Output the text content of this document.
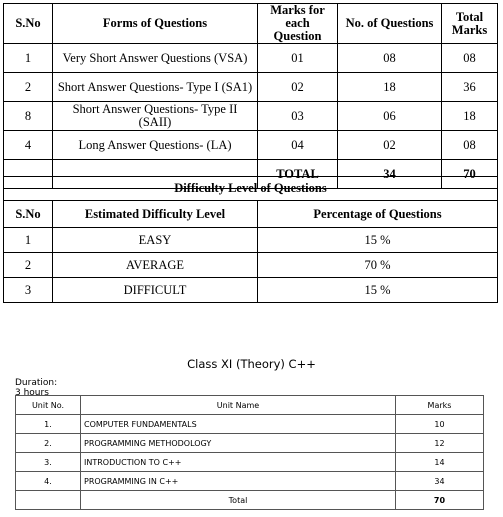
S.No	Forms of Questions	Marks for each Question	No. of Questions	Total Marks
1	Very Short Answer Questions (VSA)	01	08	08
2	Short Answer Questions- Type I (SA1)	02	18	36
8	Short Answer Questions- Type II (SAII)	03	06	18
4	Long Answer Questions- (LA)	04	02	08
		TOTAL	34	70
Difficulty Level of Questions		
S.No	Estimated Difficulty Level	Percentage of Questions
1	EASY	15 %
2	AVERAGE	70 %
3	DIFFICULT	15 %
Class XI (Theory) C++
Duration: 3 hours
Unit No.	Unit Name	Marks
1.	COMPUTER FUNDAMENTALS	10
2.	PROGRAMMING METHODOLOGY	12
3.	INTRODUCTION TO C++	14
4.	PROGRAMMING IN C++	34
	Total	70
